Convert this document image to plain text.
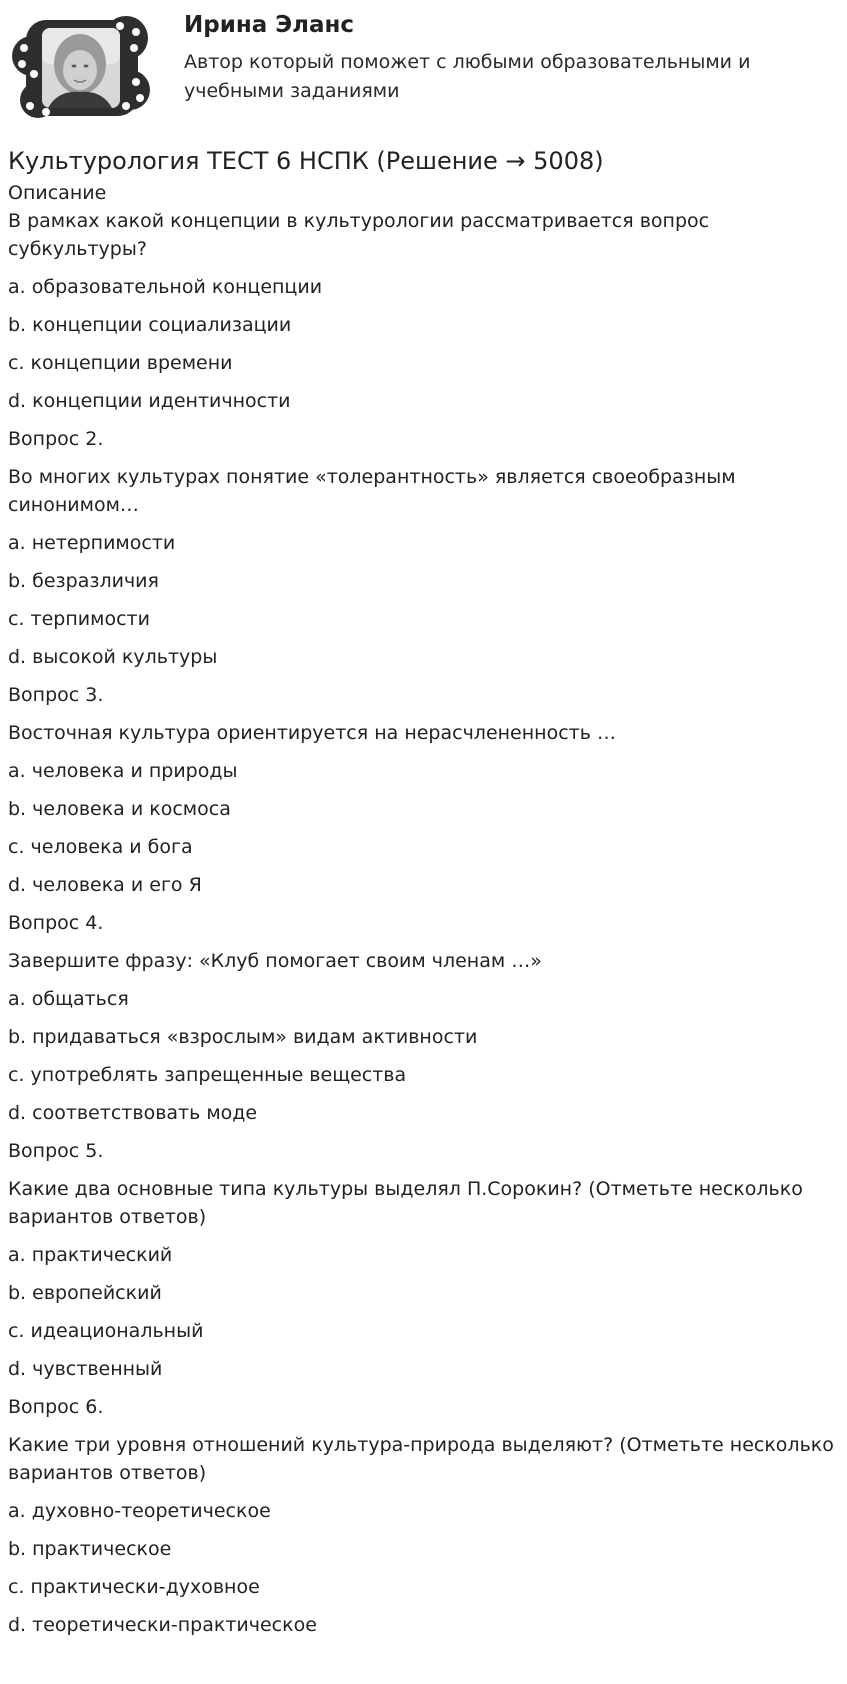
Ирина Эланс
Автор который поможет с любыми образовательными и учебными заданиями
Культурология ТЕСТ 6 НСПК (Решение → 5008)
Описание
В рамках какой концепции в культурологии рассматривается вопрос субкультуры?
a. образовательной концепции
b. концепции социализации
c. концепции времени
d. концепции идентичности
Вопрос 2.
Во многих культурах понятие «толерантность» является своеобразным синонимом…
a. нетерпимости
b. безразличия
c. терпимости
d. высокой культуры
Вопрос 3.
Восточная культура ориентируется на нерасчлененность …
a. человека и природы
b. человека и космоса
c. человека и бога
d. человека и его Я
Вопрос 4.
Завершите фразу: «Клуб помогает своим членам …»
a. общаться
b. придаваться «взрослым» видам активности
c. употреблять запрещенные вещества
d. соответствовать моде
Вопрос 5.
Какие два основные типа культуры выделял П.Сорокин? (Отметьте несколько вариантов ответов)
a. практический
b. европейский
c. идеациональный
d. чувственный
Вопрос 6.
Какие три уровня отношений культура-природа выделяют? (Отметьте несколько вариантов ответов)
a. духовно-теоретическое
b. практическое
c. практически-духовное
d. теоретически-практическое
